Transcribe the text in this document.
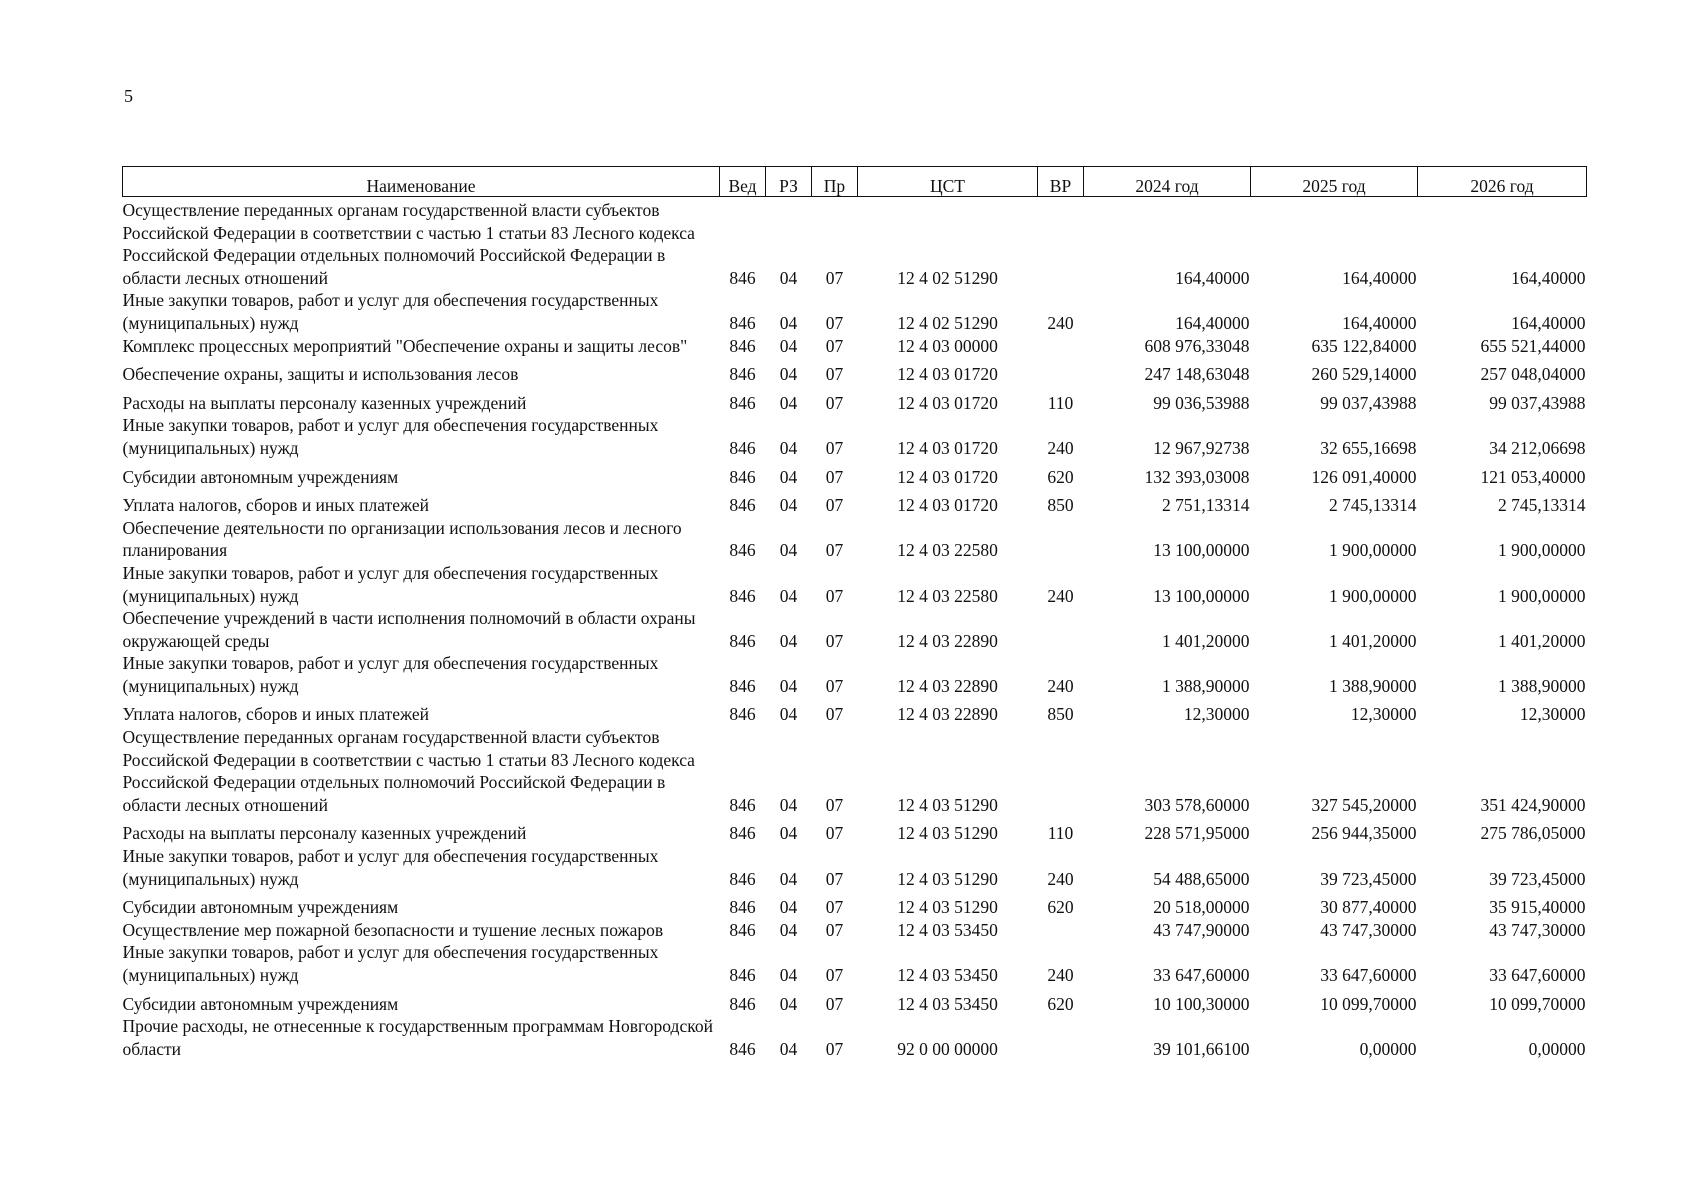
5
Наименование	Вед	РЗ	Пр	ЦСТ	ВР	2024 год	2025 год	2026 год
Осуществление переданных органам государственной власти субъектов Российской Федерации в соответствии с частью 1 статьи 83 Лесного кодекса Российской Федерации отдельных полномочий Российской Федерации в области лесных отношений	846	04	07	12 4 02 51290		164,40000	164,40000	164,40000
Иные закупки товаров, работ и услуг для обеспечения государственных (муниципальных) нужд	846	04	07	12 4 02 51290	240	164,40000	164,40000	164,40000
Комплекс процессных мероприятий "Обеспечение охраны и защиты лесов"	846	04	07	12 4 03 00000		608 976,33048	635 122,84000	655 521,44000
Обеспечение охраны, защиты и использования лесов	846	04	07	12 4 03 01720		247 148,63048	260 529,14000	257 048,04000
Расходы на выплаты персоналу казенных учреждений	846	04	07	12 4 03 01720	110	99 036,53988	99 037,43988	99 037,43988
Иные закупки товаров, работ и услуг для обеспечения государственных (муниципальных) нужд	846	04	07	12 4 03 01720	240	12 967,92738	32 655,16698	34 212,06698
Субсидии автономным учреждениям	846	04	07	12 4 03 01720	620	132 393,03008	126 091,40000	121 053,40000
Уплата налогов, сборов и иных платежей	846	04	07	12 4 03 01720	850	2 751,13314	2 745,13314	2 745,13314
Обеспечение деятельности по организации использования лесов и лесного планирования	846	04	07	12 4 03 22580		13 100,00000	1 900,00000	1 900,00000
Иные закупки товаров, работ и услуг для обеспечения государственных (муниципальных) нужд	846	04	07	12 4 03 22580	240	13 100,00000	1 900,00000	1 900,00000
Обеспечение учреждений в части исполнения полномочий в области охраны окружающей среды	846	04	07	12 4 03 22890		1 401,20000	1 401,20000	1 401,20000
Иные закупки товаров, работ и услуг для обеспечения государственных (муниципальных) нужд	846	04	07	12 4 03 22890	240	1 388,90000	1 388,90000	1 388,90000
Уплата налогов, сборов и иных платежей	846	04	07	12 4 03 22890	850	12,30000	12,30000	12,30000
Осуществление переданных органам государственной власти субъектов Российской Федерации в соответствии с частью 1 статьи 83 Лесного кодекса Российской Федерации отдельных полномочий Российской Федерации в области лесных отношений	846	04	07	12 4 03 51290		303 578,60000	327 545,20000	351 424,90000
Расходы на выплаты персоналу казенных учреждений	846	04	07	12 4 03 51290	110	228 571,95000	256 944,35000	275 786,05000
Иные закупки товаров, работ и услуг для обеспечения государственных (муниципальных) нужд	846	04	07	12 4 03 51290	240	54 488,65000	39 723,45000	39 723,45000
Субсидии автономным учреждениям	846	04	07	12 4 03 51290	620	20 518,00000	30 877,40000	35 915,40000
Осуществление мер пожарной безопасности и тушение лесных пожаров	846	04	07	12 4 03 53450		43 747,90000	43 747,30000	43 747,30000
Иные закупки товаров, работ и услуг для обеспечения государственных (муниципальных) нужд	846	04	07	12 4 03 53450	240	33 647,60000	33 647,60000	33 647,60000
Субсидии автономным учреждениям	846	04	07	12 4 03 53450	620	10 100,30000	10 099,70000	10 099,70000
Прочие расходы, не отнесенные к государственным программам Новгородской области	846	04	07	92 0 00 00000		39 101,66100	0,00000	0,00000
